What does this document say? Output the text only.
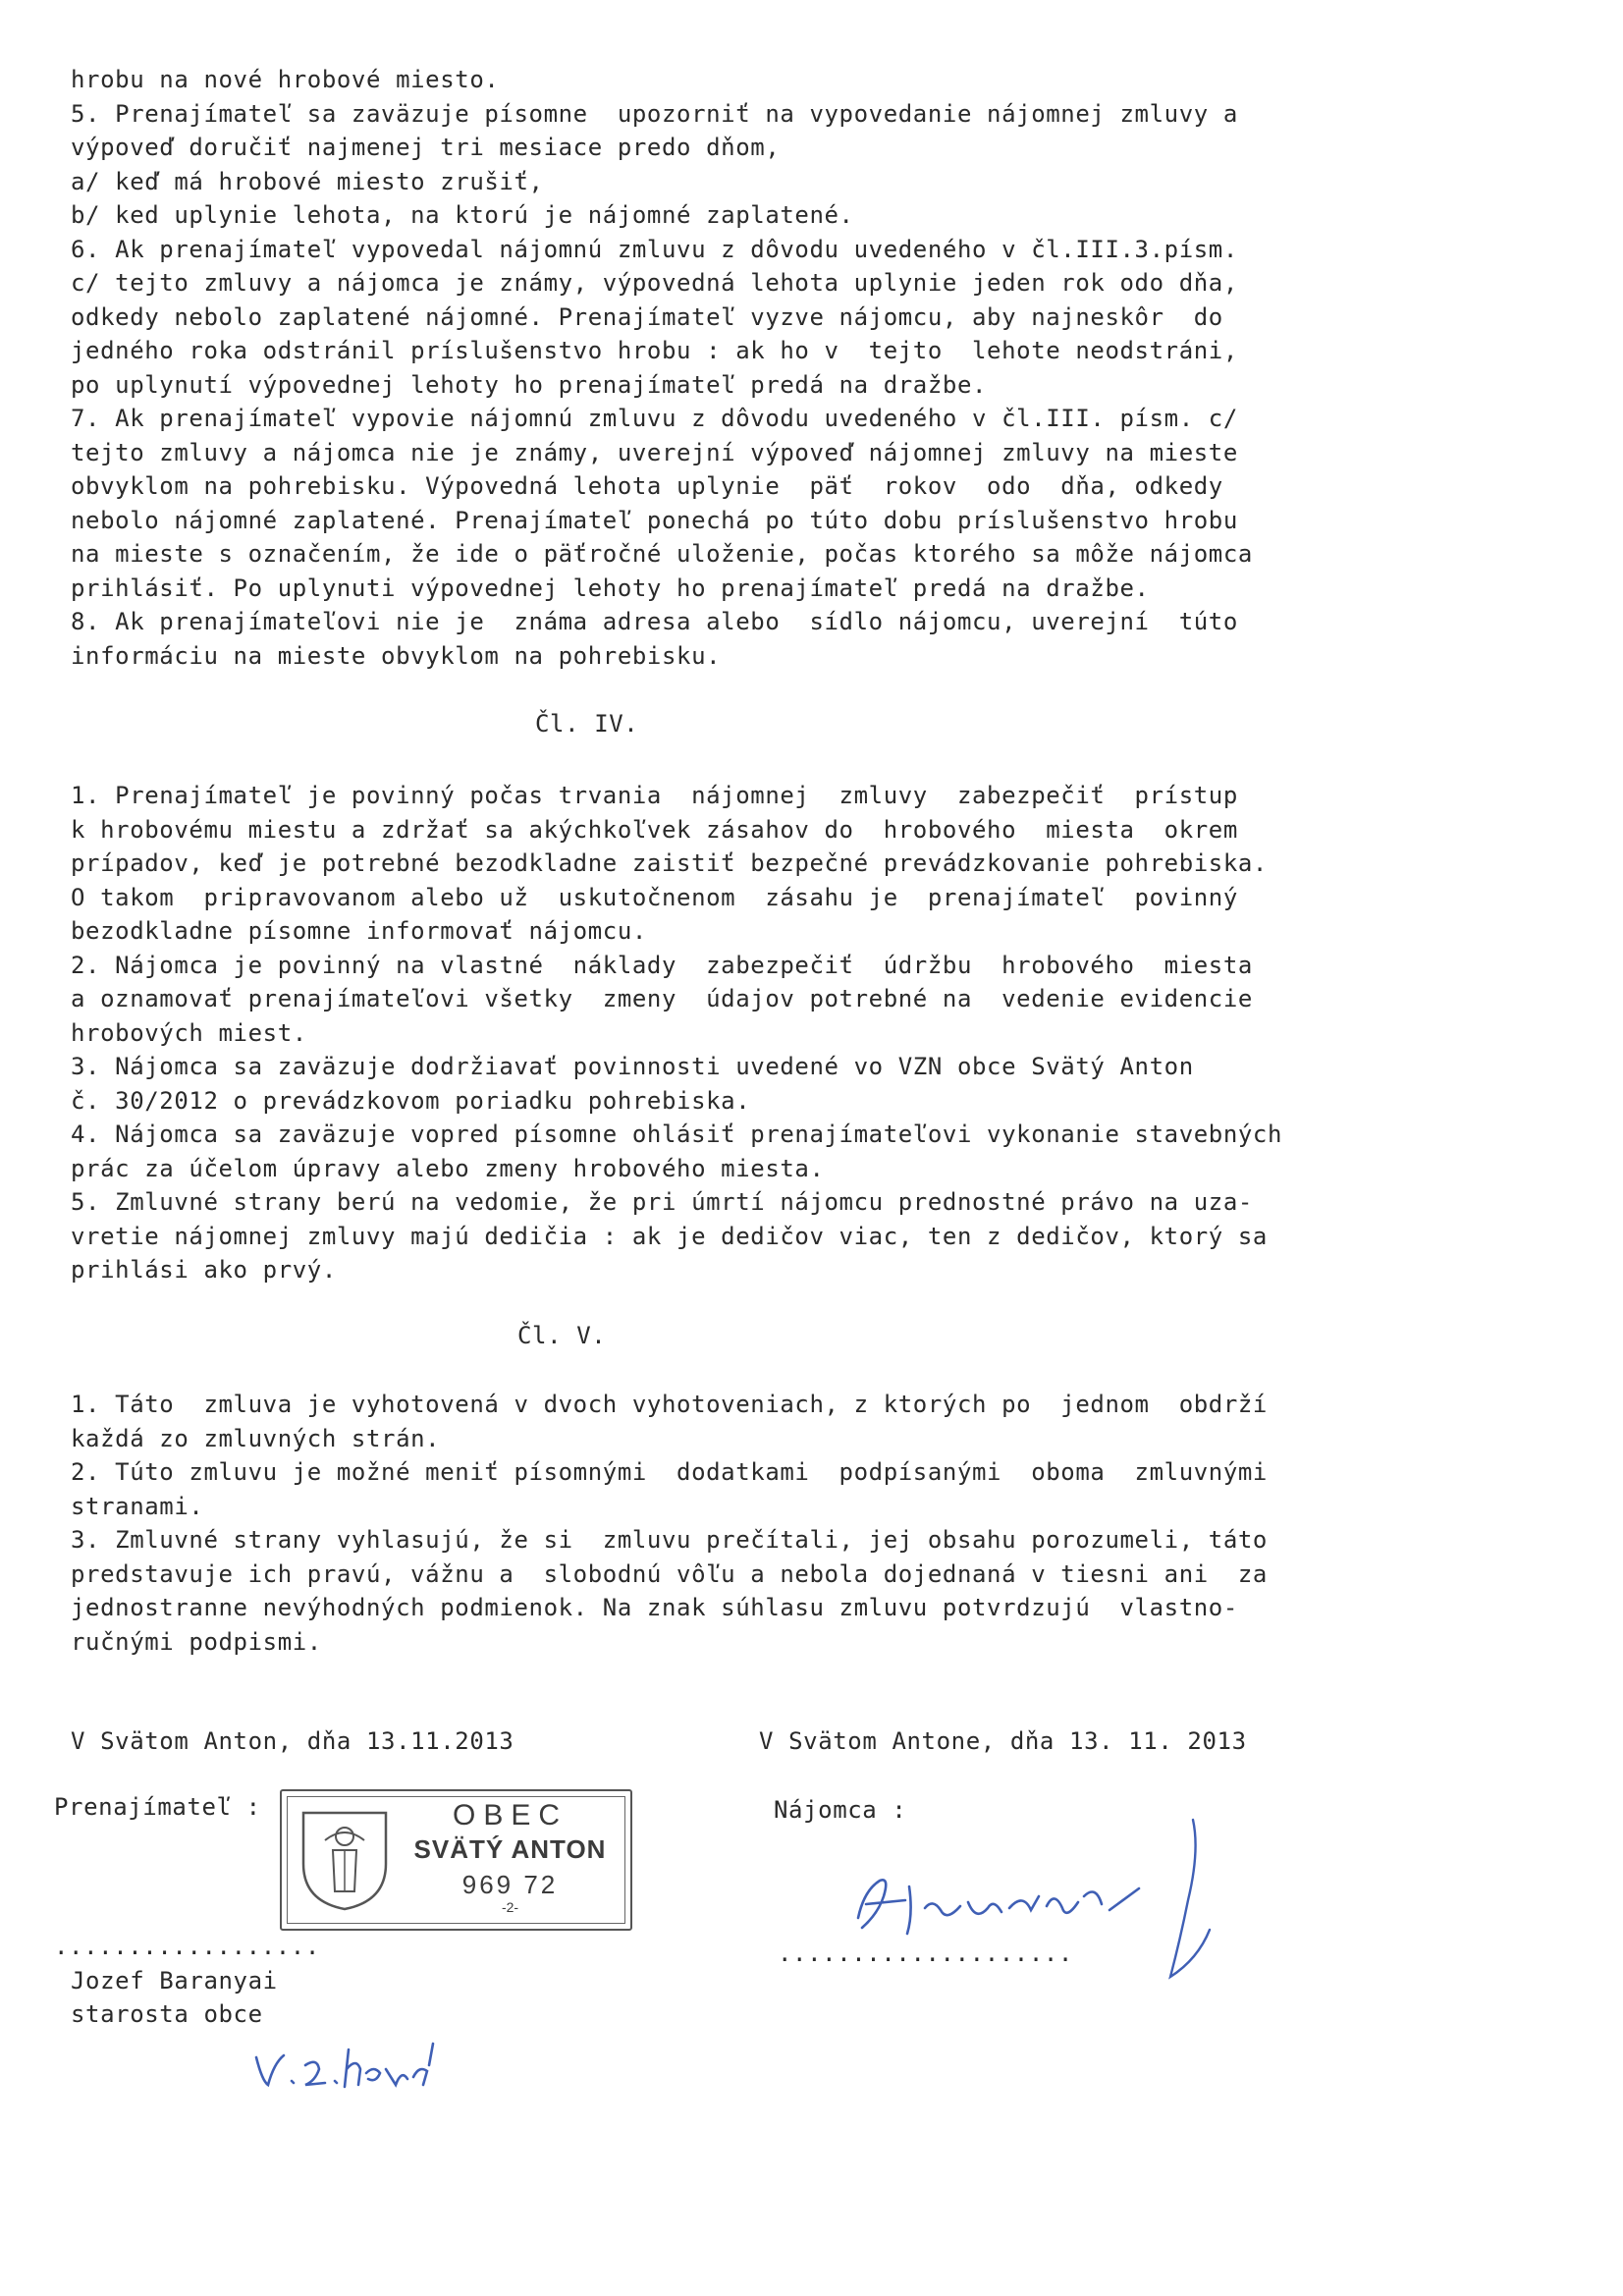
hrobu na nové hrobové miesto.
5. Prenajímateľ sa zaväzuje písomne  upozorniť na vypovedanie nájomnej zmluvy a
výpoveď doručiť najmenej tri mesiace predo dňom,
a/ keď má hrobové miesto zrušiť,
b/ ked uplynie lehota, na ktorú je nájomné zaplatené.
6. Ak prenajímateľ vypovedal nájomnú zmluvu z dôvodu uvedeného v čl.III.3.písm.
c/ tejto zmluvy a nájomca je známy, výpovedná lehota uplynie jeden rok odo dňa,
odkedy nebolo zaplatené nájomné. Prenajímateľ vyzve nájomcu, aby najneskôr  do
jedného roka odstránil príslušenstvo hrobu : ak ho v  tejto  lehote neodstráni,
po uplynutí výpovednej lehoty ho prenajímateľ predá na dražbe.
7. Ak prenajímateľ vypovie nájomnú zmluvu z dôvodu uvedeného v čl.III. písm. c/
tejto zmluvy a nájomca nie je známy, uverejní výpoveď nájomnej zmluvy na mieste
obvyklom na pohrebisku. Výpovedná lehota uplynie  päť  rokov  odo  dňa, odkedy
nebolo nájomné zaplatené. Prenajímateľ ponechá po túto dobu príslušenstvo hrobu
na mieste s označením, že ide o päťročné uloženie, počas ktorého sa môže nájomca
prihlásiť. Po uplynuti výpovednej lehoty ho prenajímateľ predá na dražbe.
8. Ak prenajímateľovi nie je  známa adresa alebo  sídlo nájomcu, uverejní  túto
informáciu na mieste obvyklom na pohrebisku.
Čl. IV.
1. Prenajímateľ je povinný počas trvania  nájomnej  zmluvy  zabezpečiť  prístup
k hrobovému miestu a zdržať sa akýchkoľvek zásahov do  hrobového  miesta  okrem
prípadov, keď je potrebné bezodkladne zaistiť bezpečné prevádzkovanie pohrebiska.
O takom  pripravovanom alebo už  uskutočnenom  zásahu je  prenajímateľ  povinný
bezodkladne písomne informovať nájomcu.
2. Nájomca je povinný na vlastné  náklady  zabezpečiť  údržbu  hrobového  miesta
a oznamovať prenajímateľovi všetky  zmeny  údajov potrebné na  vedenie evidencie
hrobových miest.
3. Nájomca sa zaväzuje dodržiavať povinnosti uvedené vo VZN obce Svätý Anton
č. 30/2012 o prevádzkovom poriadku pohrebiska.
4. Nájomca sa zaväzuje vopred písomne ohlásiť prenajímateľovi vykonanie stavebných
prác za účelom úpravy alebo zmeny hrobového miesta.
5. Zmluvné strany berú na vedomie, že pri úmrtí nájomcu prednostné právo na uza-
vretie nájomnej zmluvy majú dedičia : ak je dedičov viac, ten z dedičov, ktorý sa
prihlási ako prvý.
Čl. V.
1. Táto  zmluva je vyhotovená v dvoch vyhotoveniach, z ktorých po  jednom  obdrží
každá zo zmluvných strán.
2. Túto zmluvu je možné meniť písomnými  dodatkami  podpísanými  oboma  zmluvnými
stranami.
3. Zmluvné strany vyhlasujú, že si  zmluvu prečítali, jej obsahu porozumeli, táto
predstavuje ich pravú, vážnu a  slobodnú vôľu a nebola dojednaná v tiesni ani  za
jednostranne nevýhodných podmienok. Na znak súhlasu zmluvu potvrdzujú  vlastno-
ručnými podpismi.
V Svätom Anton, dňa 13.11.2013	V Svätom Antone, dňa 13. 11. 2013
Prenajímateľ :	Nájomca :
OBEC
SVÄTÝ ANTON
969 72
-2-
..................	....................
Jozef Baranyai
starosta obce
